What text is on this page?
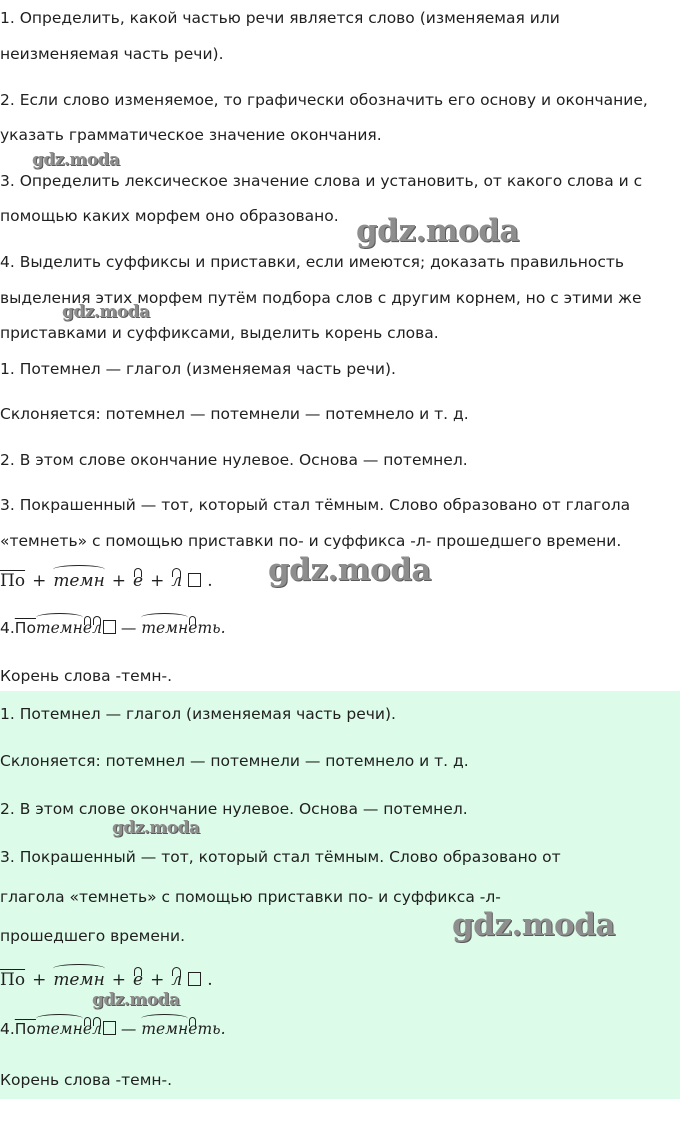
1. Определить, какой частью речи является слово (изменяемая или
неизменяемая часть речи).
2. Если слово изменяемое, то графически обозначить его основу и окончание,
указать грамматическое значение окончания.
3. Определить лексическое значение слова и установить, от какого слова и с
помощью каких морфем оно образовано.
4. Выделить суффиксы и приставки, если имеются; доказать правильность
выделения этих морфем путём подбора слов с другим корнем, но с этими же
приставками и суффиксами, выделить корень слова.
1. Потемнел — глагол (изменяемая часть речи).
Склоняется: потемнел — потемнели — потемнело и т. д.
2. В этом слове окончание нулевое. Основа — потемнел.
3. Покрашенный — тот, который стал тёмным. Слово образовано от глагола
«темнеть» с помощью приставки по- и суффикса -л- прошедшего времени.
По + темн + е + л .
4.Потемнел — темнеть.
Корень слова -темн-.
1. Потемнел — глагол (изменяемая часть речи).
Склоняется: потемнел — потемнели — потемнело и т. д.
2. В этом слове окончание нулевое. Основа — потемнел.
3. Покрашенный — тот, который стал тёмным. Слово образовано от
глагола «темнеть» с помощью приставки по- и суффикса -л-
прошедшего времени.
По + темн + е + л .
4.Потемнел — темнеть.
Корень слова -темн-.
gdz.moda
gdz.moda
gdz.moda
gdz.moda
gdz.moda
gdz.moda
gdz.moda
